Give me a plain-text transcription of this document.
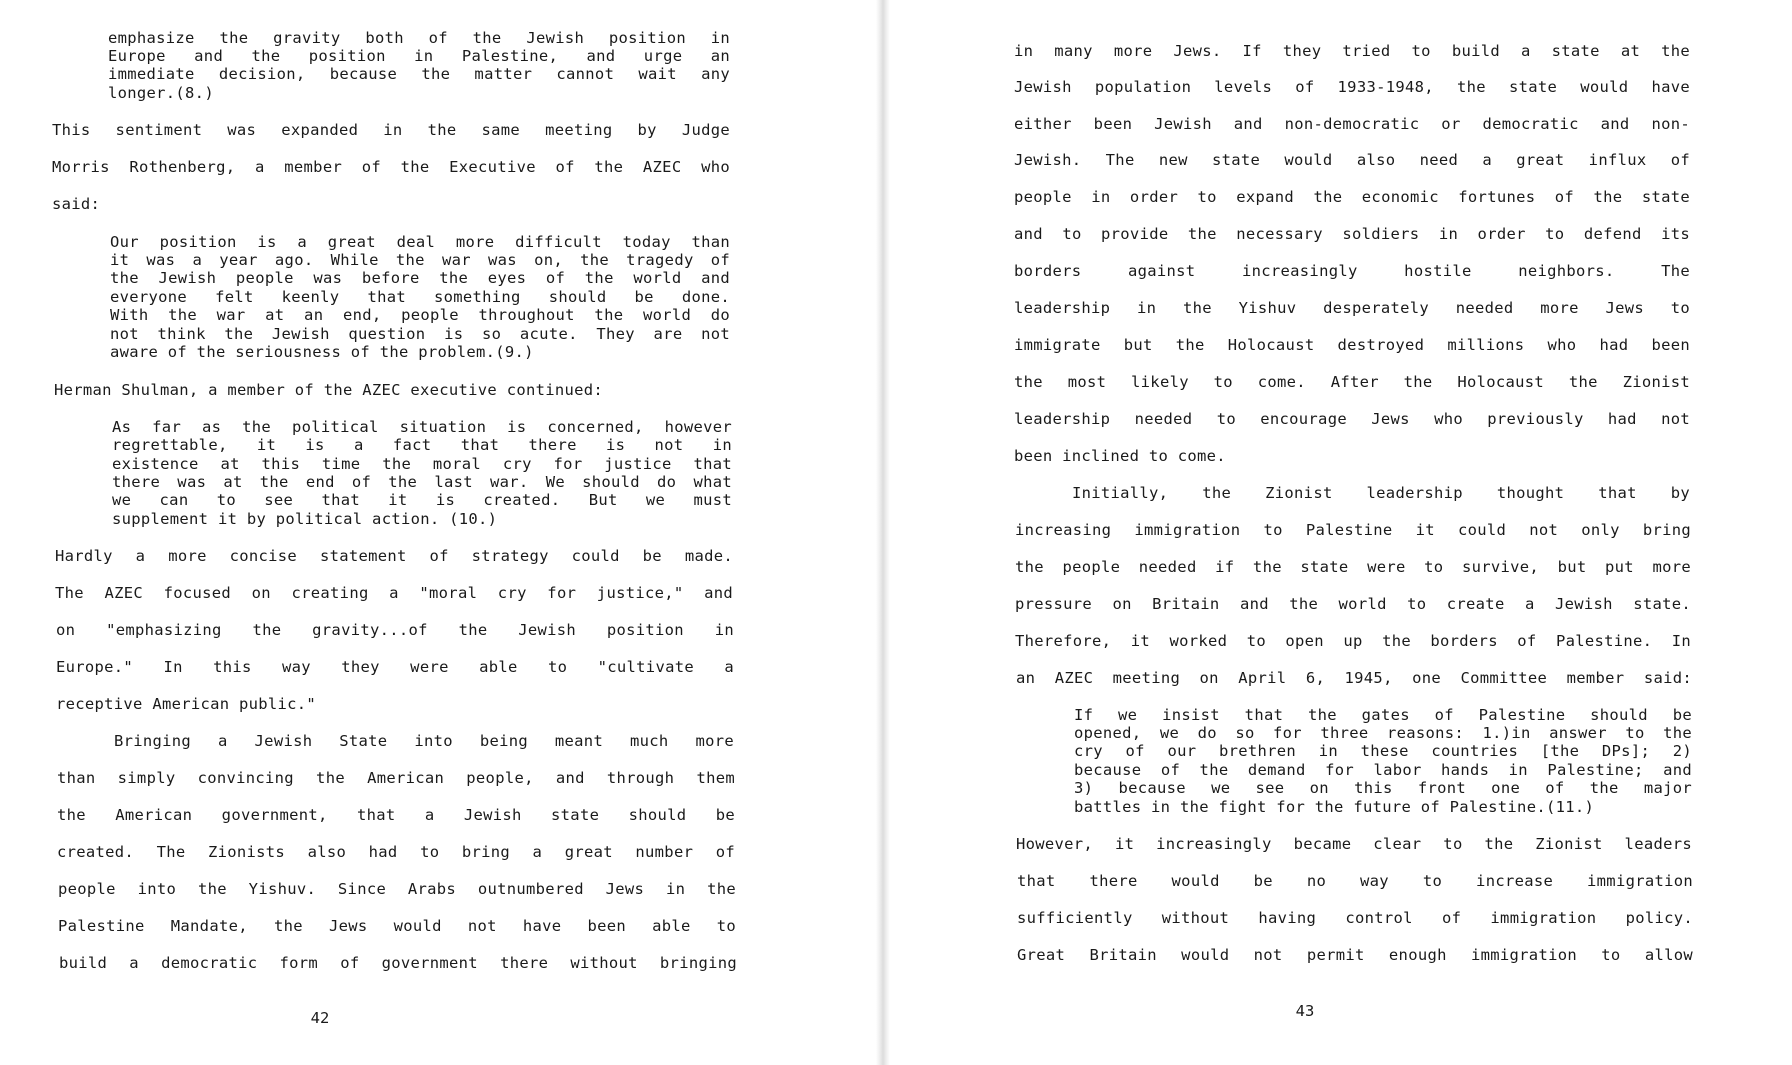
emphasize the gravity both of the Jewish position in
Europe and the position in Palestine, and urge an
immediate decision, because the matter cannot wait any
longer.(8.)
This sentiment was expanded in the same meeting by Judge
Morris Rothenberg, a member of the Executive of the AZEC who
said:
Our position is a great deal more difficult today than
it was a year ago. While the war was on, the tragedy of
the Jewish people was before the eyes of the world and
everyone felt keenly that something should be done.
With the war at an end, people throughout the world do
not think the Jewish question is so acute. They are not
aware of the seriousness of the problem.(9.)
Herman Shulman, a member of the AZEC executive continued:
As far as the political situation is concerned, however
regrettable, it is a fact that there is not in
existence at this time the moral cry for justice that
there was at the end of the last war. We should do what
we can to see that it is created. But we must
supplement it by political action. (10.)
Hardly a more concise statement of strategy could be made.
The AZEC focused on creating a "moral cry for justice," and
on "emphasizing the gravity...of the Jewish position in
Europe." In this way they were able to "cultivate a
receptive American public."
Bringing a Jewish State into being meant much more
than simply convincing the American people, and through them
the American government, that a Jewish state should be
created. The Zionists also had to bring a great number of
people into the Yishuv. Since Arabs outnumbered Jews in the
Palestine Mandate, the Jews would not have been able to
build a democratic form of government there without bringing
42
in many more Jews. If they tried to build a state at the
Jewish population levels of 1933-1948, the state would have
either been Jewish and non-democratic or democratic and non-
Jewish. The new state would also need a great influx of
people in order to expand the economic fortunes of the state
and to provide the necessary soldiers in order to defend its
borders against increasingly hostile neighbors. The
leadership in the Yishuv desperately needed more Jews to
immigrate but the Holocaust destroyed millions who had been
the most likely to come. After the Holocaust the Zionist
leadership needed to encourage Jews who previously had not
been inclined to come.
Initially, the Zionist leadership thought that by
increasing immigration to Palestine it could not only bring
the people needed if the state were to survive, but put more
pressure on Britain and the world to create a Jewish state.
Therefore, it worked to open up the borders of Palestine. In
an AZEC meeting on April 6, 1945, one Committee member said:
If we insist that the gates of Palestine should be
opened, we do so for three reasons: 1.)in answer to the
cry of our brethren in these countries [the DPs]; 2)
because of the demand for labor hands in Palestine; and
3) because we see on this front one of the major
battles in the fight for the future of Palestine.(11.)
However, it increasingly became clear to the Zionist leaders
that there would be no way to increase immigration
sufficiently without having control of immigration policy.
Great Britain would not permit enough immigration to allow
43
